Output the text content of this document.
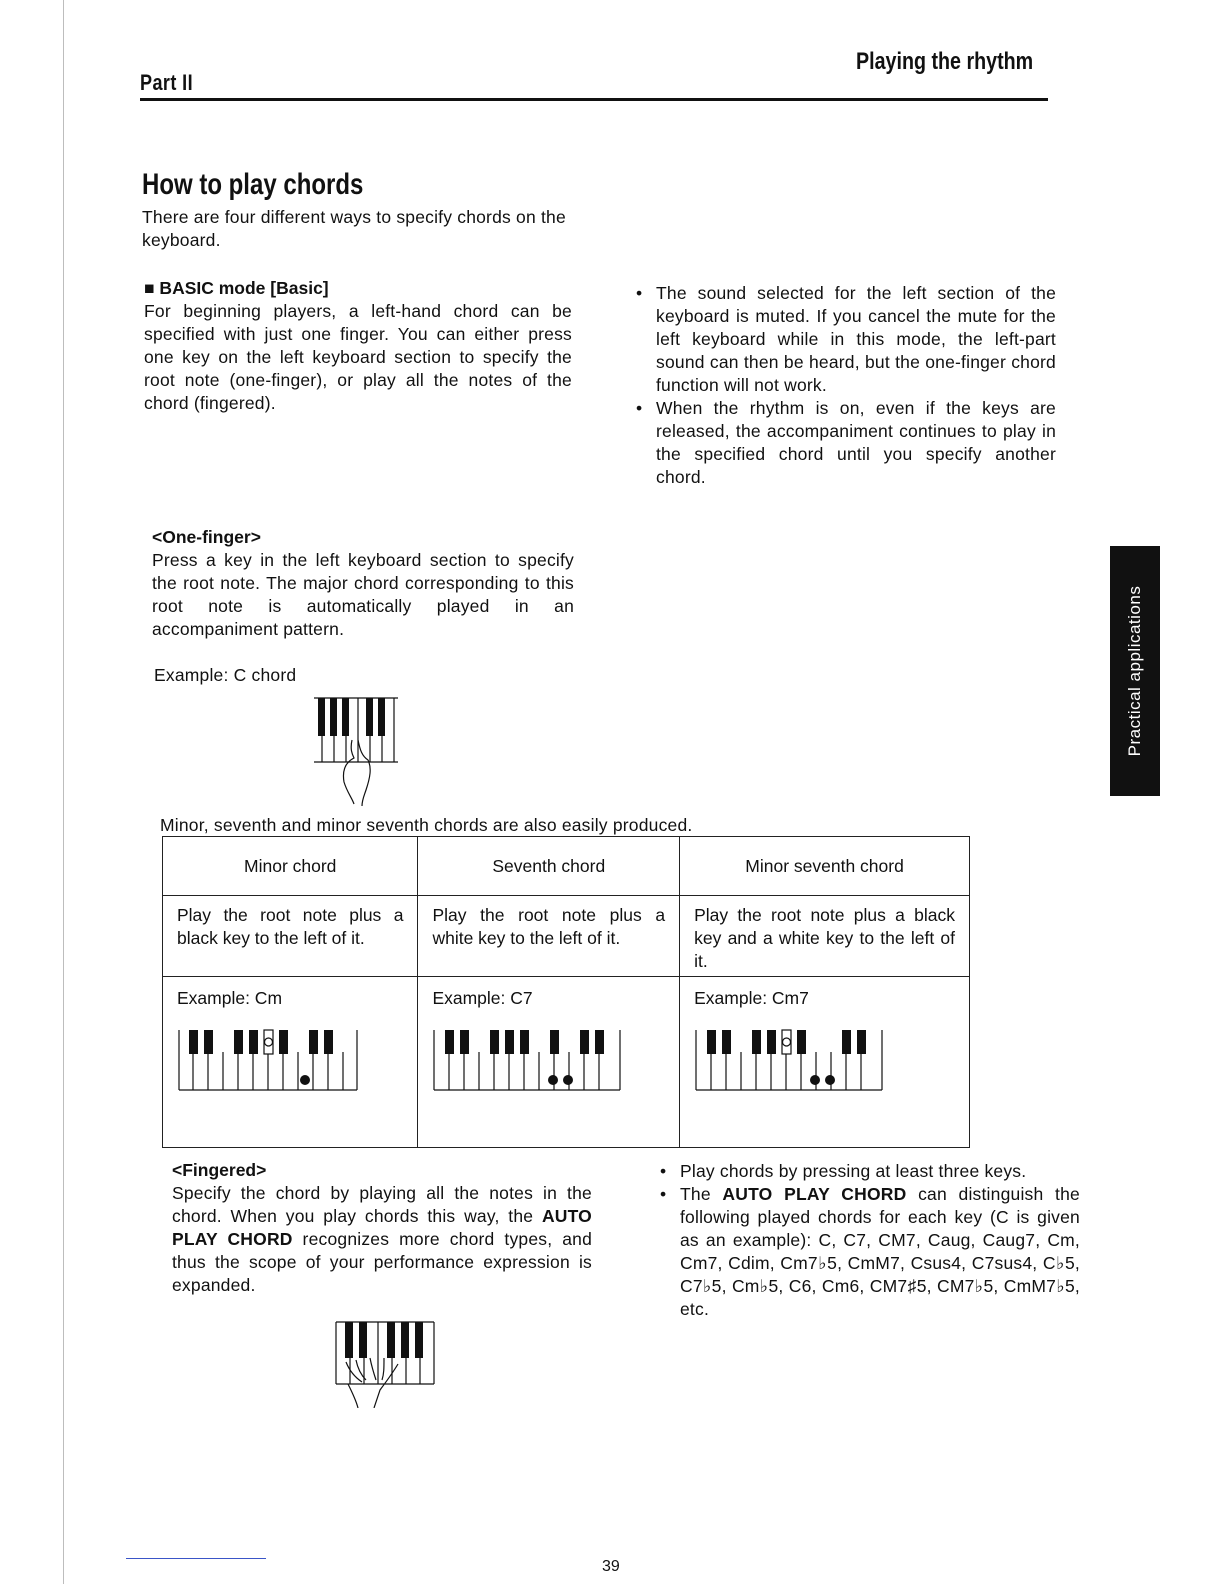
Part II
Playing the rhythm
How to play chords
There are four different ways to specify chords on the keyboard.
■ BASIC mode [Basic]
For beginning players, a left-hand chord can be specified with just one finger. You can either press one key on the left keyboard section to specify the root note (one-finger), or play all the notes of the chord (fingered).
• The sound selected for the left section of the keyboard is muted. If you cancel the mute for the left keyboard while in this mode, the left-part sound can then be heard, but the one-finger chord function will not work.
• When the rhythm is on, even if the keys are released, the accompaniment continues to play in the specified chord until you specify another chord.
<One-finger>
Press a key in the left keyboard section to specify the root note. The major chord corresponding to this root note is automatically played in an accompaniment pattern.
Example: C chord
Minor, seventh and minor seventh chords are also easily produced.
Minor chord	Seventh chord	Minor seventh chord
Play the root note plus a black key to the left of it.	Play the root note plus a white key to the left of it.	Play the root note plus a black key and a white key to the left of it.

Example: Cm	Example: C7	Example: Cm7
<Fingered>
Specify the chord by playing all the notes in the chord. When you play chords this way, the AUTO PLAY CHORD recognizes more chord types, and thus the scope of your performance expression is expanded.
• Play chords by pressing at least three keys.
• The AUTO PLAY CHORD can distinguish the following played chords for each key (C is given as an example): C, C7, CM7, Caug, Caug7, Cm, Cm7, Cdim, Cm7♭5, CmM7, Csus4, C7sus4, C♭5, C7♭5, Cm♭5, C6, Cm6, CM7♯5, CM7♭5, CmM7♭5, etc.
Practical applications
39
